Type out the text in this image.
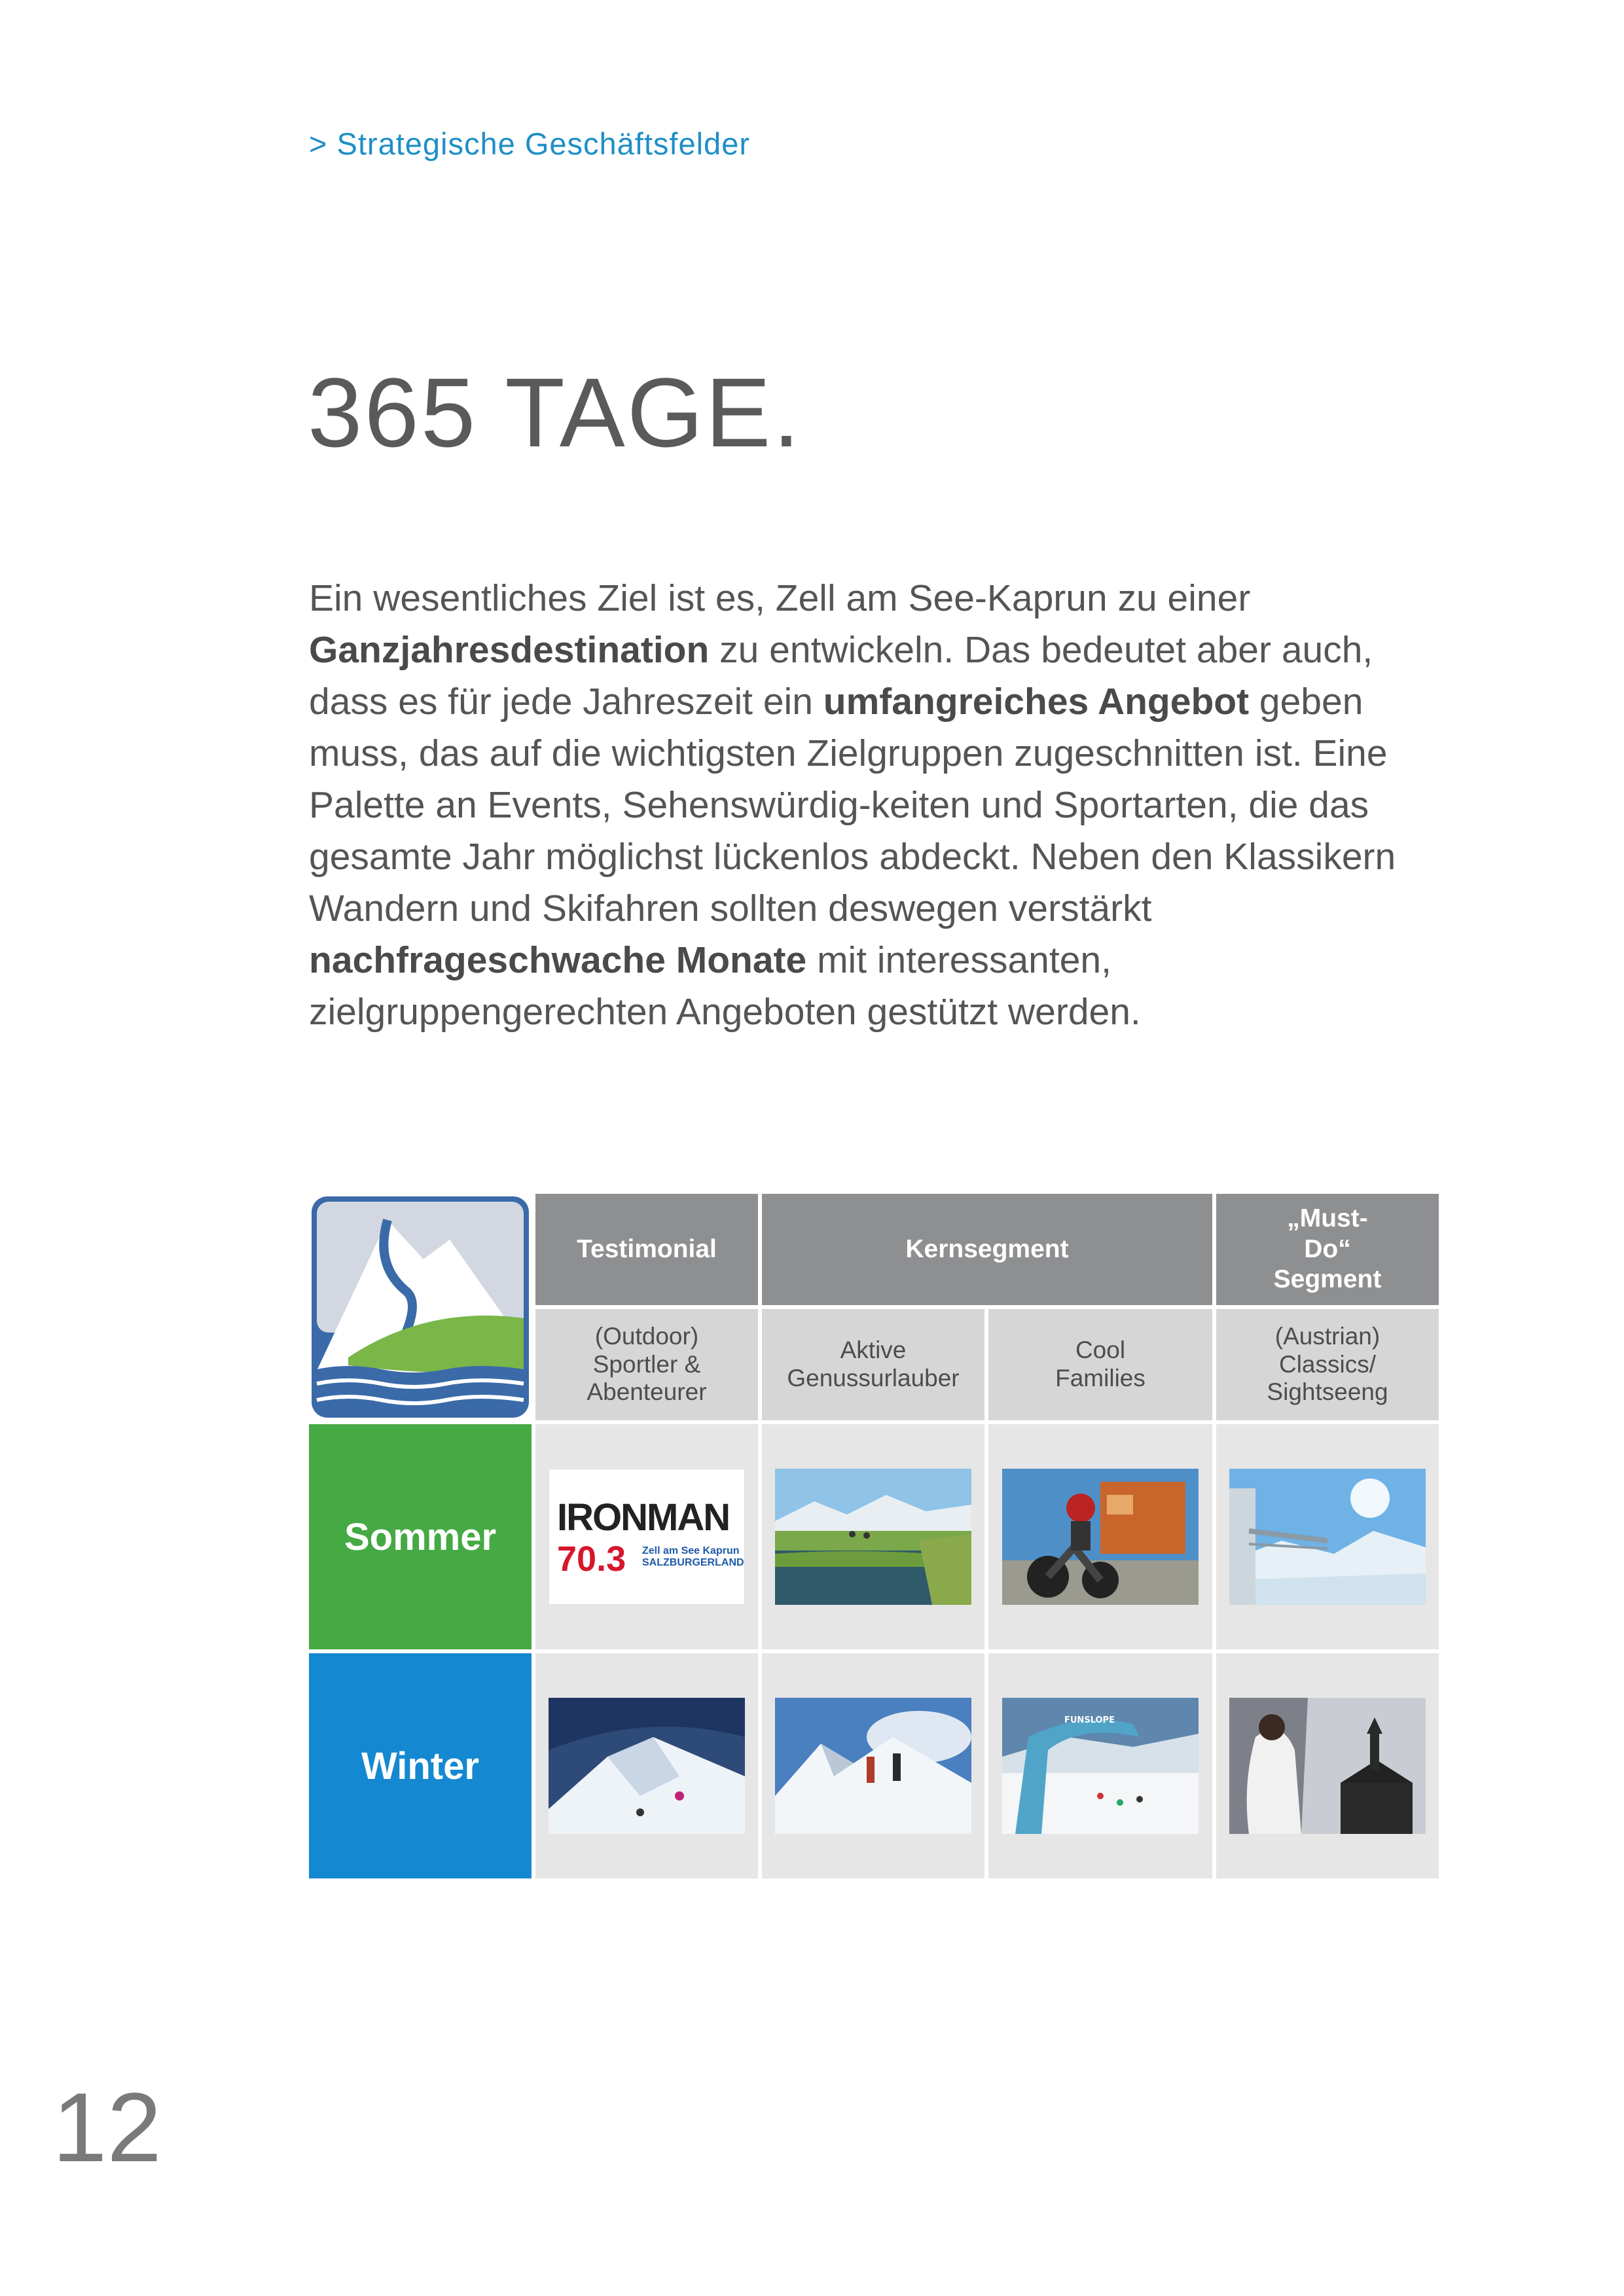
> Strategische Geschäftsfelder
365 TAGE.

Ein wesentliches Ziel ist es, Zell am See-Kaprun zu einer Ganzjahresdestination zu entwickeln. Das bedeutet aber auch, dass es für jede Jahreszeit ein umfangreiches Angebot geben muss, das auf die wichtigsten Zielgruppen zugeschnitten ist. Eine Palette an Events, Sehenswürdig-keiten und Sportarten, die das gesamte Jahr möglichst lückenlos abdeckt. Neben den Klassikern Wandern und Skifahren sollten deswegen verstärkt nachfrageschwache Monate mit interessanten, zielgruppengerechten Angeboten gestützt werden.

Testimonial	Kernsegment
„Must-Do“ Segment
(Outdoor)
Sportler &
Abenteurer
Aktive
Genussurlauber
Cool
Families
(Austrian)
Classics/
Sightseeng
Sommer	IRONMAN
70.3 Zell am See Kaprun SALZBURGERLAND
Winter
FUNSLOPE
12
